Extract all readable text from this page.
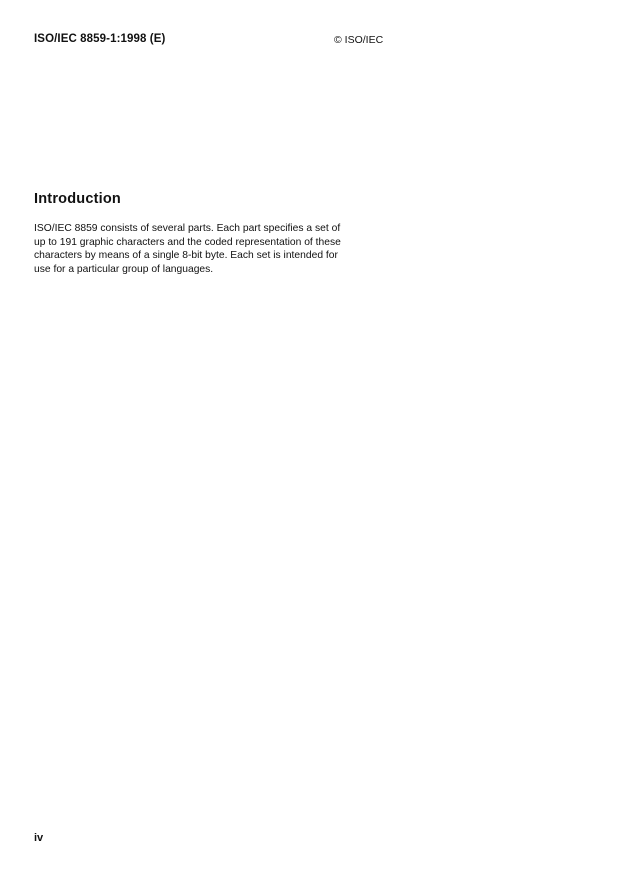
ISO/IEC 8859-1:1998 (E)	© ISO/IEC
Introduction
ISO/IEC 8859 consists of several parts. Each part specifies a set of
up to 191 graphic characters and the coded representation of these
characters by means of a single 8-bit byte. Each set is intended for
use for a particular group of languages.
iv
